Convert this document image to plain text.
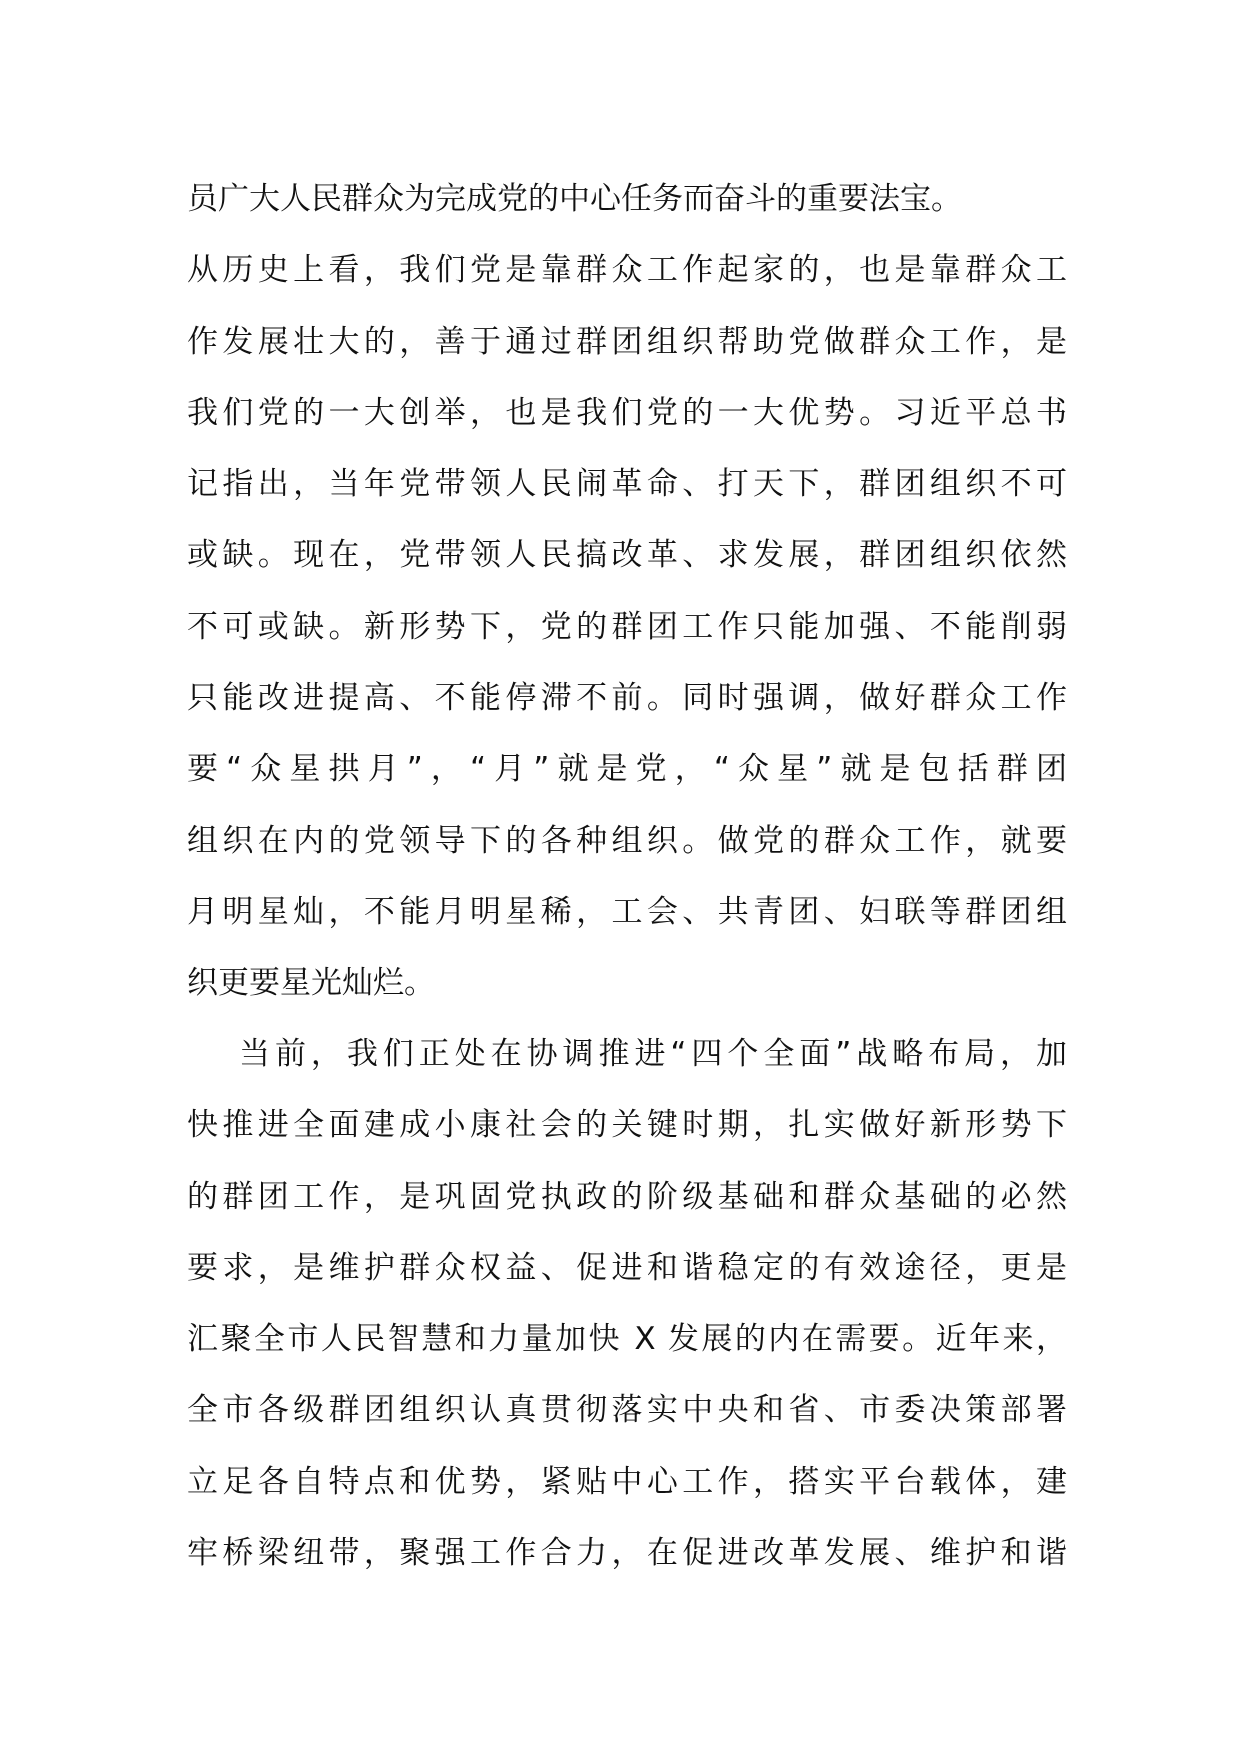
员广大人民群众为完成党的中心任务而奋斗的重要法宝。
从历史上看，我们党是靠群众工作起家的，也是靠群众工
作发展壮大的，善于通过群团组织帮助党做群众工作，是
我们党的一大创举，也是我们党的一大优势。习近平总书
记指出，当年党带领人民闹革命、打天下，群团组织不可
或缺。现在，党带领人民搞改革、求发展，群团组织依然
不可或缺。新形势下，党的群团工作只能加强、不能削弱
只能改进提高、不能停滞不前。同时强调，做好群众工作
要“众星拱月”，“月”就是党，“众星”就是包括群团
组织在内的党领导下的各种组织。做党的群众工作，就要
月明星灿，不能月明星稀，工会、共青团、妇联等群团组
织更要星光灿烂。
当前，我们正处在协调推进“四个全面”战略布局，加
快推进全面建成小康社会的关键时期，扎实做好新形势下
的群团工作，是巩固党执政的阶级基础和群众基础的必然
要求，是维护群众权益、促进和谐稳定的有效途径，更是
汇聚全市人民智慧和力量加快 X 发展的内在需要。近年来，
全市各级群团组织认真贯彻落实中央和省、市委决策部署
立足各自特点和优势，紧贴中心工作，搭实平台载体，建
牢桥梁纽带，聚强工作合力，在促进改革发展、维护和谐
